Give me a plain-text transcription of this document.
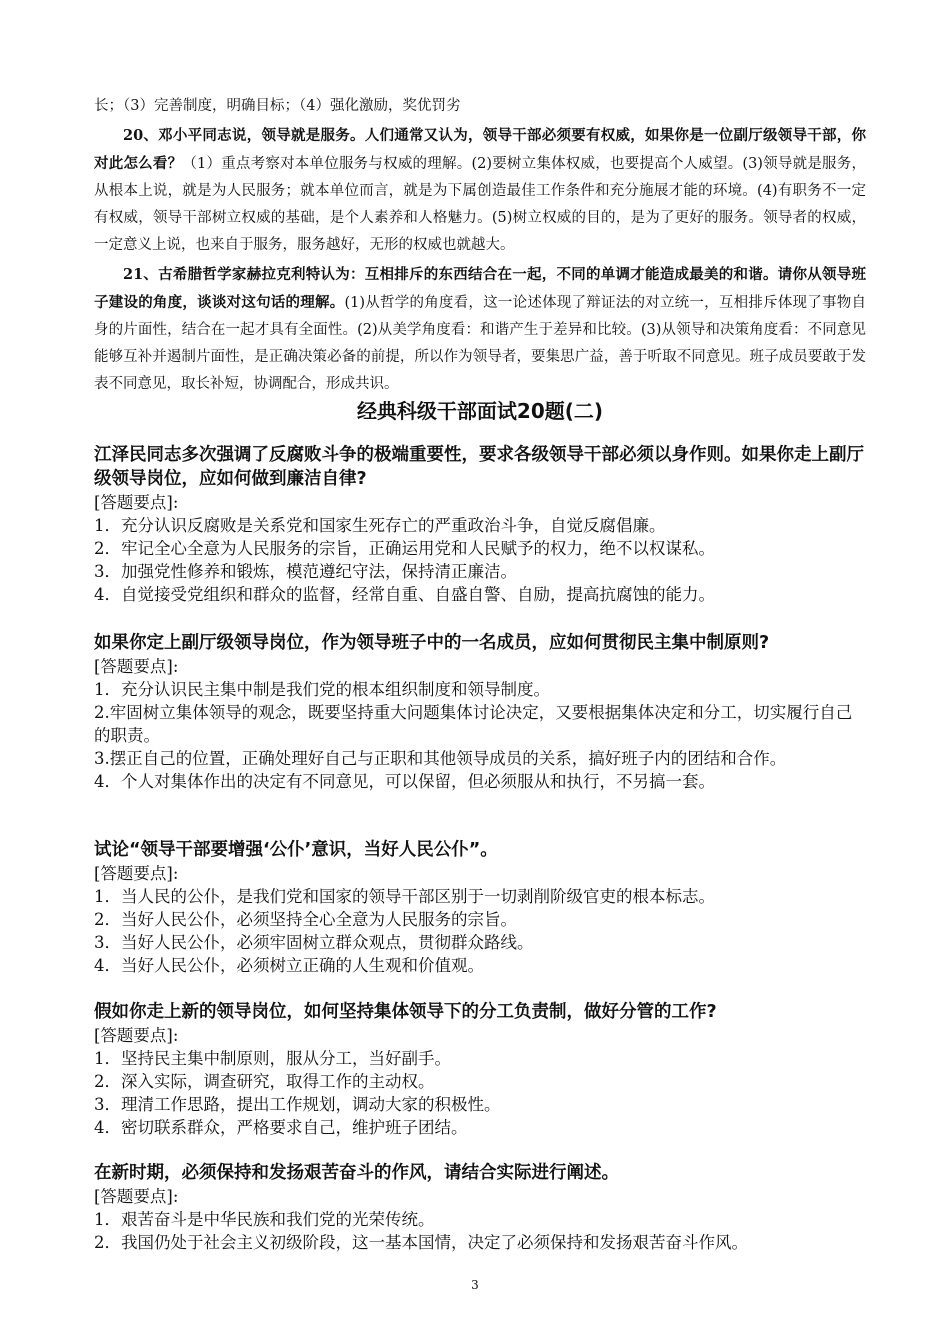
长；（3）完善制度，明确目标；（4）强化激励，奖优罚劣

20、邓小平同志说，领导就是服务。人们通常又认为，领导干部必须要有权威，如果你是一位副厅级领导干部，你对此怎么看？（1）重点考察对本单位服务与权威的理解。(2)要树立集体权威，也要提高个人威望。(3)领导就是服务，从根本上说，就是为人民服务；就本单位而言，就是为下属创造最佳工作条件和充分施展才能的环境。(4)有职务不一定有权威，领导干部树立权威的基础，是个人素养和人格魅力。(5)树立权威的目的，是为了更好的服务。领导者的权威，一定意义上说，也来自于服务，服务越好，无形的权威也就越大。

21、古希腊哲学家赫拉克利特认为：互相排斥的东西结合在一起，不同的单调才能造成最美的和谐。请你从领导班子建设的角度，谈谈对这句话的理解。(1)从哲学的角度看，这一论述体现了辩证法的对立统一，互相排斥体现了事物自身的片面性，结合在一起才具有全面性。(2)从美学角度看：和谐产生于差异和比较。(3)从领导和决策角度看：不同意见能够互补并遏制片面性，是正确决策必备的前提，所以作为领导者，要集思广益，善于听取不同意见。班子成员要敢于发表不同意见，取长补短，协调配合，形成共识。

经典科级干部面试20题(二)

江泽民同志多次强调了反腐败斗争的极端重要性，要求各级领导干部必须以身作则。如果你走上副厅级领导岗位，应如何做到廉洁自律?

[答题要点]:

1．充分认识反腐败是关系党和国家生死存亡的严重政治斗争，自觉反腐倡廉。
2．牢记全心全意为人民服务的宗旨，正确运用党和人民赋予的权力，绝不以权谋私。
3．加强党性修养和锻炼，模范遵纪守法，保持清正廉洁。
4．自觉接受党组织和群众的监督，经常自重、自盛自警、自励，提高抗腐蚀的能力。

如果你定上副厅级领导岗位，作为领导班子中的一名成员，应如何贯彻民主集中制原则?

[答题要点]:

1．充分认识民主集中制是我们党的根本组织制度和领导制度。
2.牢固树立集体领导的观念，既要坚持重大问题集体讨论决定，又要根据集体决定和分工，切实履行自己的职责。
3.摆正自己的位置，正确处理好自己与正职和其他领导成员的关系，搞好班子内的团结和合作。
4．个人对集体作出的决定有不同意见，可以保留，但必须服从和执行，不另搞一套。

试论“领导干部要增强‘公仆’意识，当好人民公仆”。

[答题要点]:

1．当人民的公仆，是我们党和国家的领导干部区别于一切剥削阶级官吏的根本标志。
2．当好人民公仆，必须坚持全心全意为人民服务的宗旨。
3．当好人民公仆，必须牢固树立群众观点，贯彻群众路线。
4．当好人民公仆，必须树立正确的人生观和价值观。

假如你走上新的领导岗位，如何坚持集体领导下的分工负责制，做好分管的工作?

[答题要点]:

1．坚持民主集中制原则，服从分工，当好副手。
2．深入实际，调查研究，取得工作的主动权。
3．理清工作思路，提出工作规划，调动大家的积极性。
4．密切联系群众，严格要求自己，维护班子团结。

在新时期，必须保持和发扬艰苦奋斗的作风，请结合实际进行阐述。

[答题要点]:

1．艰苦奋斗是中华民族和我们党的光荣传统。
2．我国仍处于社会主义初级阶段，这一基本国情，决定了必须保持和发扬艰苦奋斗作风。
3
